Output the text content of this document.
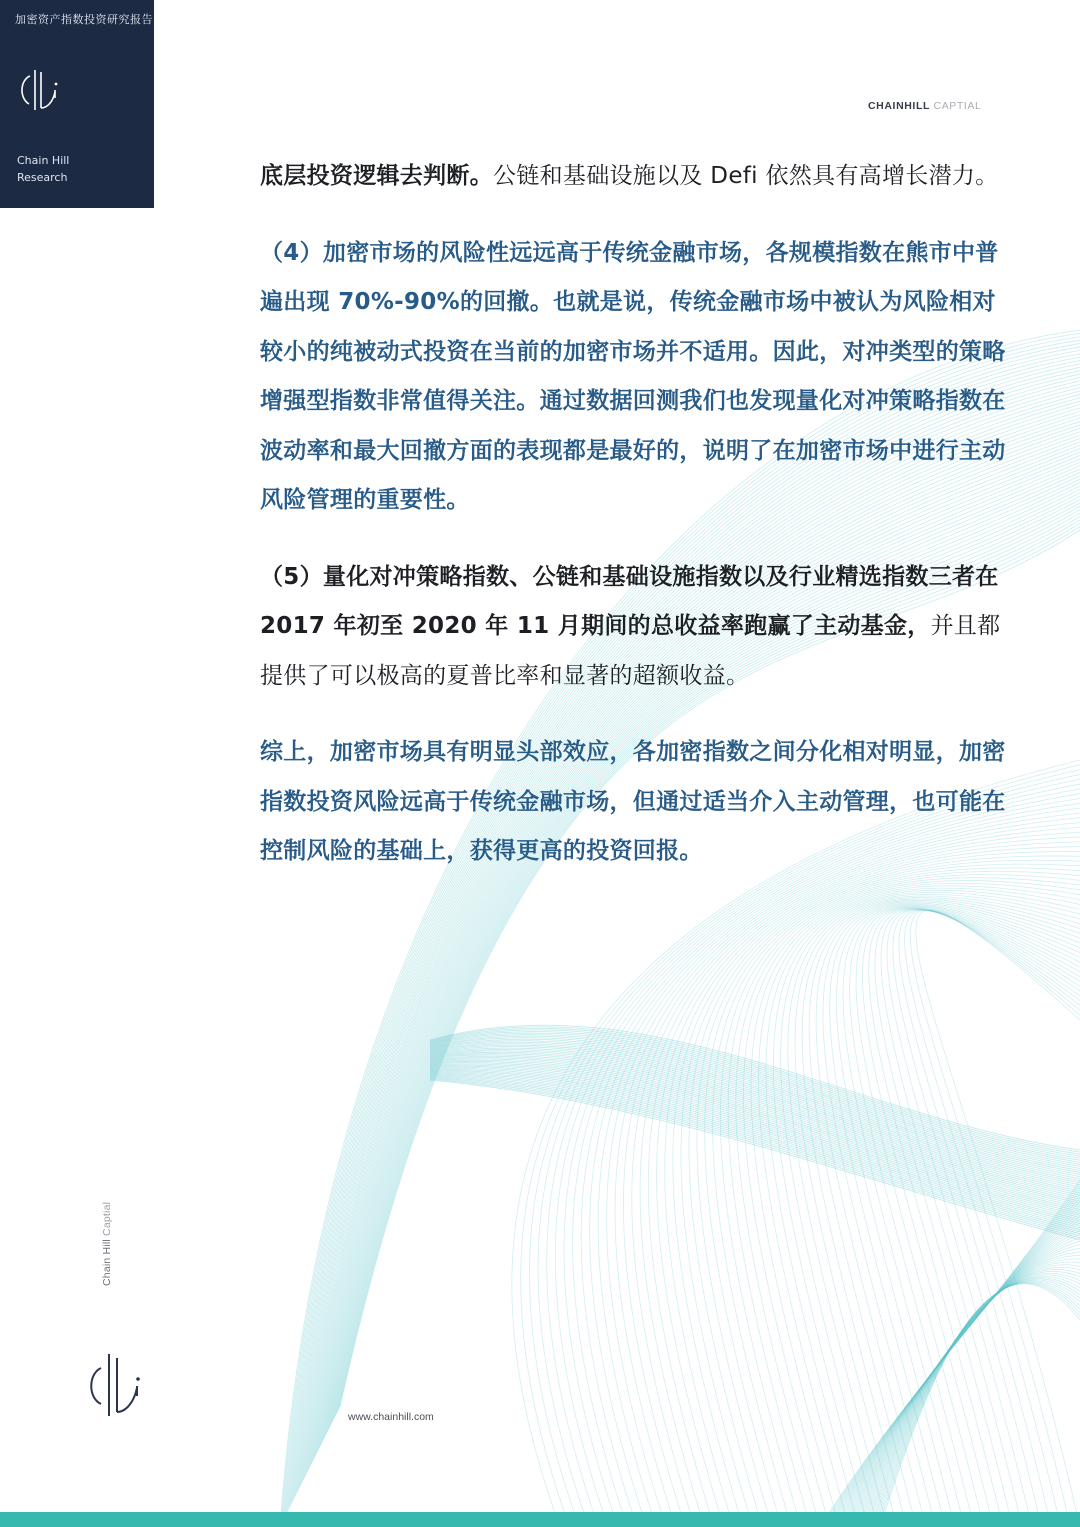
加密资产指数投资研究报告
Chain Hill
Research
CHAINHILL CAPTIAL

底层投资逻辑去判断。公链和基础设施以及 Defi 依然具有高增长潜力。

（4）加密市场的风险性远远高于传统金融市场，各规模指数在熊市中普遍出现 70%-90%的回撤。也就是说，传统金融市场中被认为风险相对较小的纯被动式投资在当前的加密市场并不适用。因此，对冲类型的策略增强型指数非常值得关注。通过数据回测我们也发现量化对冲策略指数在波动率和最大回撤方面的表现都是最好的，说明了在加密市场中进行主动风险管理的重要性。

（5）量化对冲策略指数、公链和基础设施指数以及行业精选指数三者在 2017 年初至 2020 年 11 月期间的总收益率跑赢了主动基金，并且都提供了可以极高的夏普比率和显著的超额收益。

综上，加密市场具有明显头部效应，各加密指数之间分化相对明显，加密指数投资风险远高于传统金融市场，但通过适当介入主动管理，也可能在控制风险的基础上，获得更高的投资回报。

Chain Hill Captial
www.chainhill.com
